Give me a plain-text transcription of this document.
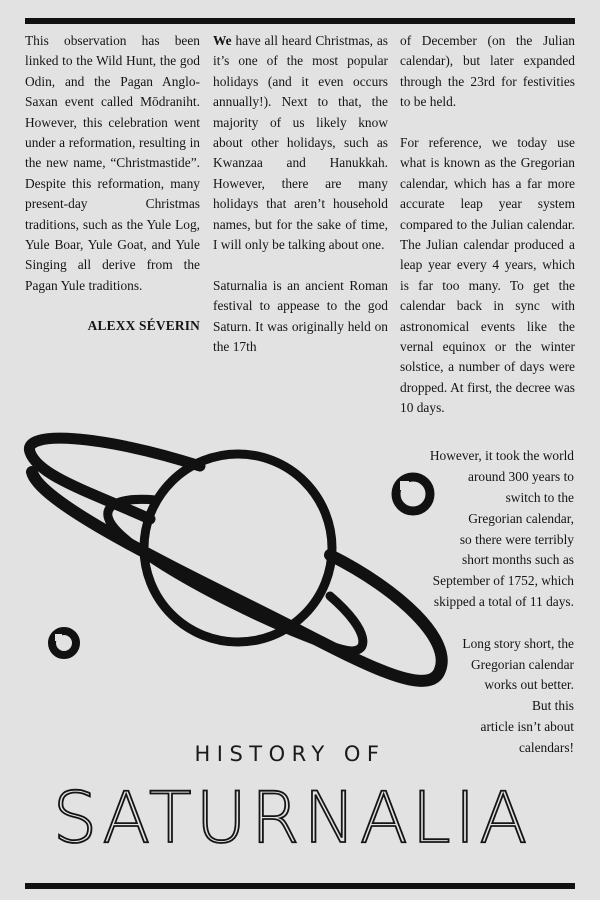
This observation has been linked to the Wild Hunt, the god Odin, and the Pagan Anglo-Saxan event called Mōdraniht. However, this celebration went under a reformation, resulting in the new name, “Christmastide”. Despite this reformation, many present-day Christmas traditions, such as the Yule Log, Yule Boar, Yule Goat, and Yule Singing all derive from the Pagan Yule traditions.

ALEXX SÉVERIN

We have all heard Christmas, as it’s one of the most popular holidays (and it even occurs annually!). Next to that, the majority of us likely know about other holidays, such as Kwanzaa and Hanukkah. However, there are many holidays that aren’t household names, but for the sake of time, I will only be talking about one.

Saturnalia is an ancient Roman festival to appease to the god Saturn. It was originally held on the 17th

of December (on the Julian calendar), but later expanded through the 23rd for festivities to be held.

For reference, we today use what is known as the Gregorian calendar, which has a far more accurate leap year system compared to the Julian calendar. The Julian calendar produced a leap year every 4 years, which is far too many. To get the calendar back in sync with astronomical events like the vernal equinox or the winter solstice, a number of days were dropped. At first, the decree was 10 days.

However, it took the world
around 300 years to
switch to the
Gregorian calendar,
so there were terribly
short months such as
September of 1752, which
skipped a total of 11 days.
Long story short, the
Gregorian calendar
works out better.
But this
article isn’t about
calendars!
HISTORY OF
SATURNALIA
